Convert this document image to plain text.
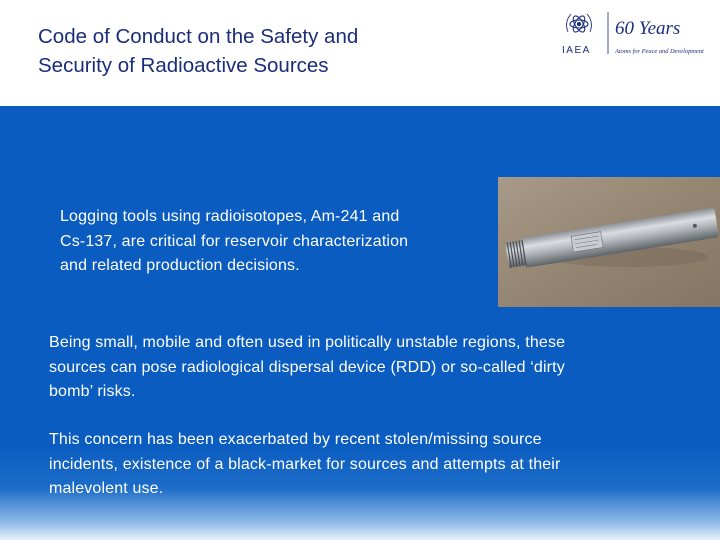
Code of Conduct on the Safety and
Security of Radioactive Sources
IAEA
60 Years
Atoms for Peace and Development
Logging tools using radioisotopes, Am-241 and
Cs-137, are critical for reservoir characterization
and related production decisions.
Being small, mobile and often used in politically unstable regions, these
sources can pose radiological dispersal device (RDD) or so-called ‘dirty
bomb’ risks.
This concern has been exacerbated by recent stolen/missing source
incidents, existence of a black-market for sources and attempts at their
malevolent use.
